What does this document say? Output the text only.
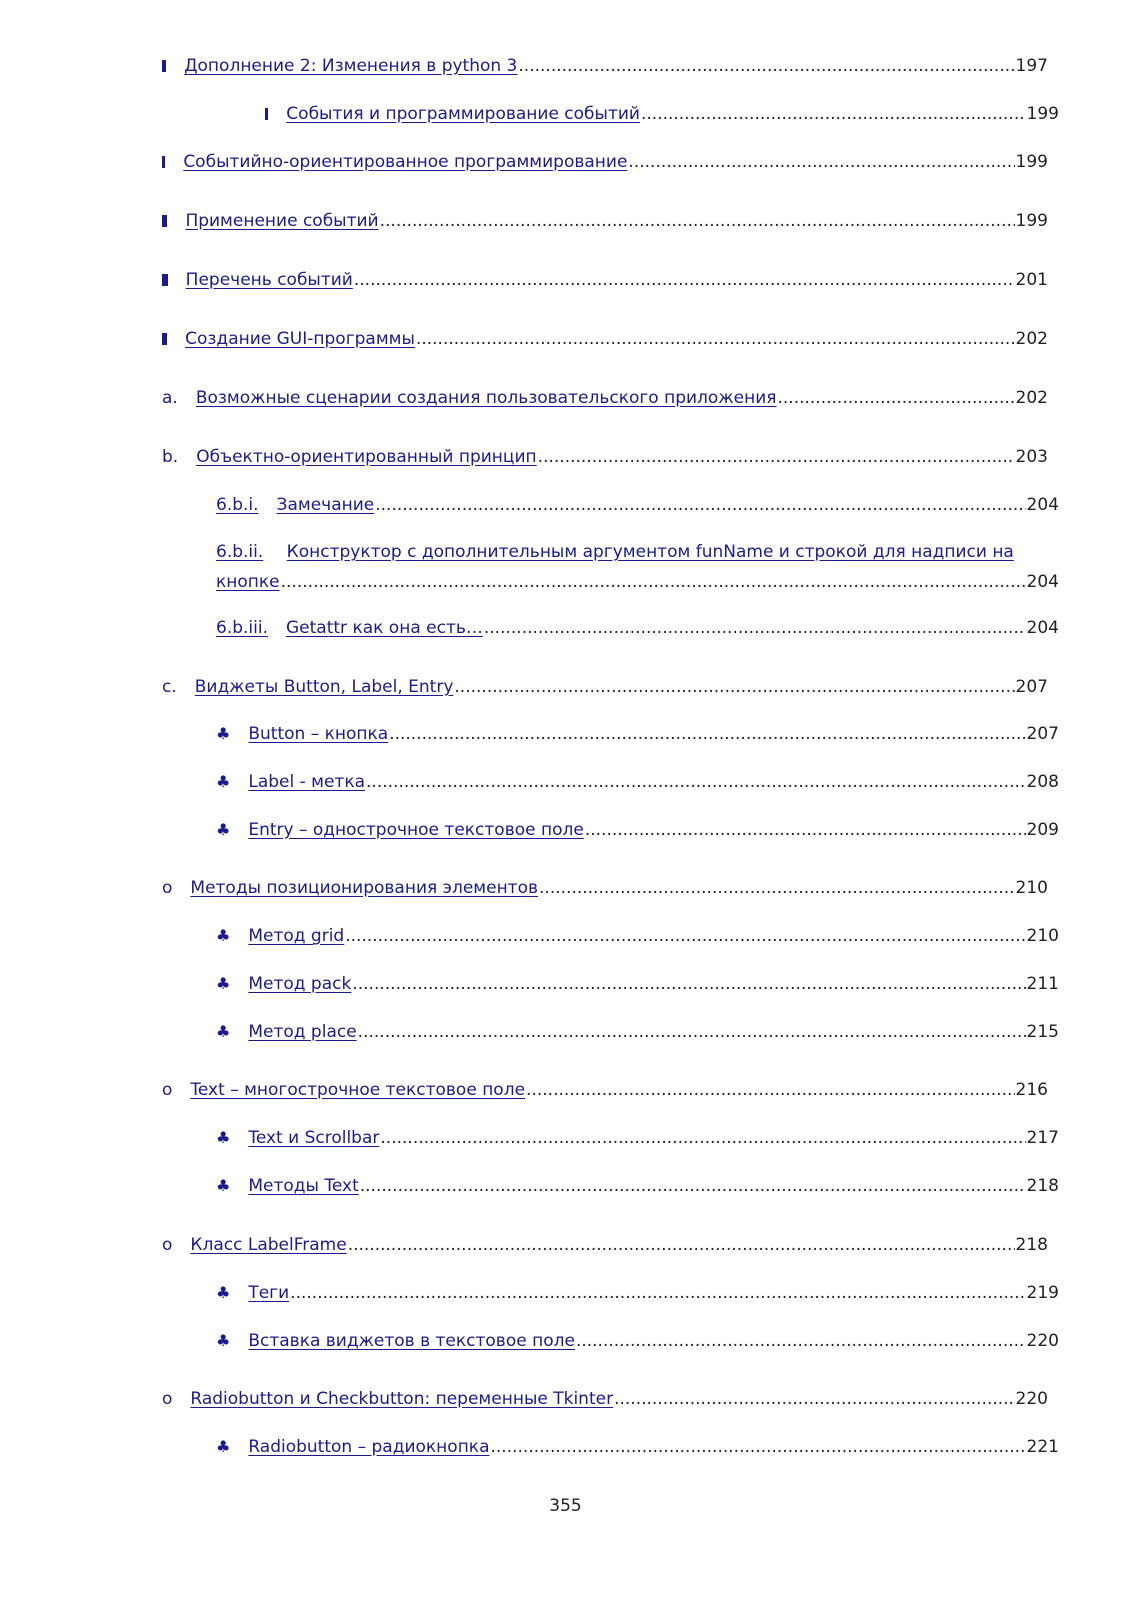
Дополнение 2: Изменения в python 3 .....	197
События и программирование событий .....	199
Событийно-ориентированное программирование .....	199
Применение событий .....	199
Перечень событий .....	201
Создание GUI-программы .....	202
a. Возможные сценарии создания пользовательского приложения .....	202
b. Объектно-ориентированный принцип .....	203
6.b.i. Замечание .....	204
6.b.ii. Конструктор с дополнительным аргументом funName и строкой для надписи на
кнопке .....	204
6.b.iii. Getattr как она есть… .....	204
c. Виджеты Button, Label, Entry .....	207
♣ Button – кнопка .....	207
♣ Label - метка .....	208
♣ Entry – однострочное текстовое поле .....	209
o Методы позиционирования элементов .....	210
♣ Метод grid .....	210
♣ Метод pack .....	211
♣ Метод place .....	215
o Text – многострочное текстовое поле .....	216
♣ Text и Scrollbar .....	217
♣ Методы Text .....	218
o Класс LabelFrame .....	218
♣ Теги .....	219
♣ Вставка виджетов в текстовое поле .....	220
o Radiobutton и Checkbutton: переменные Tkinter .....	220
♣ Radiobutton – радиокнопка .....	221
355
